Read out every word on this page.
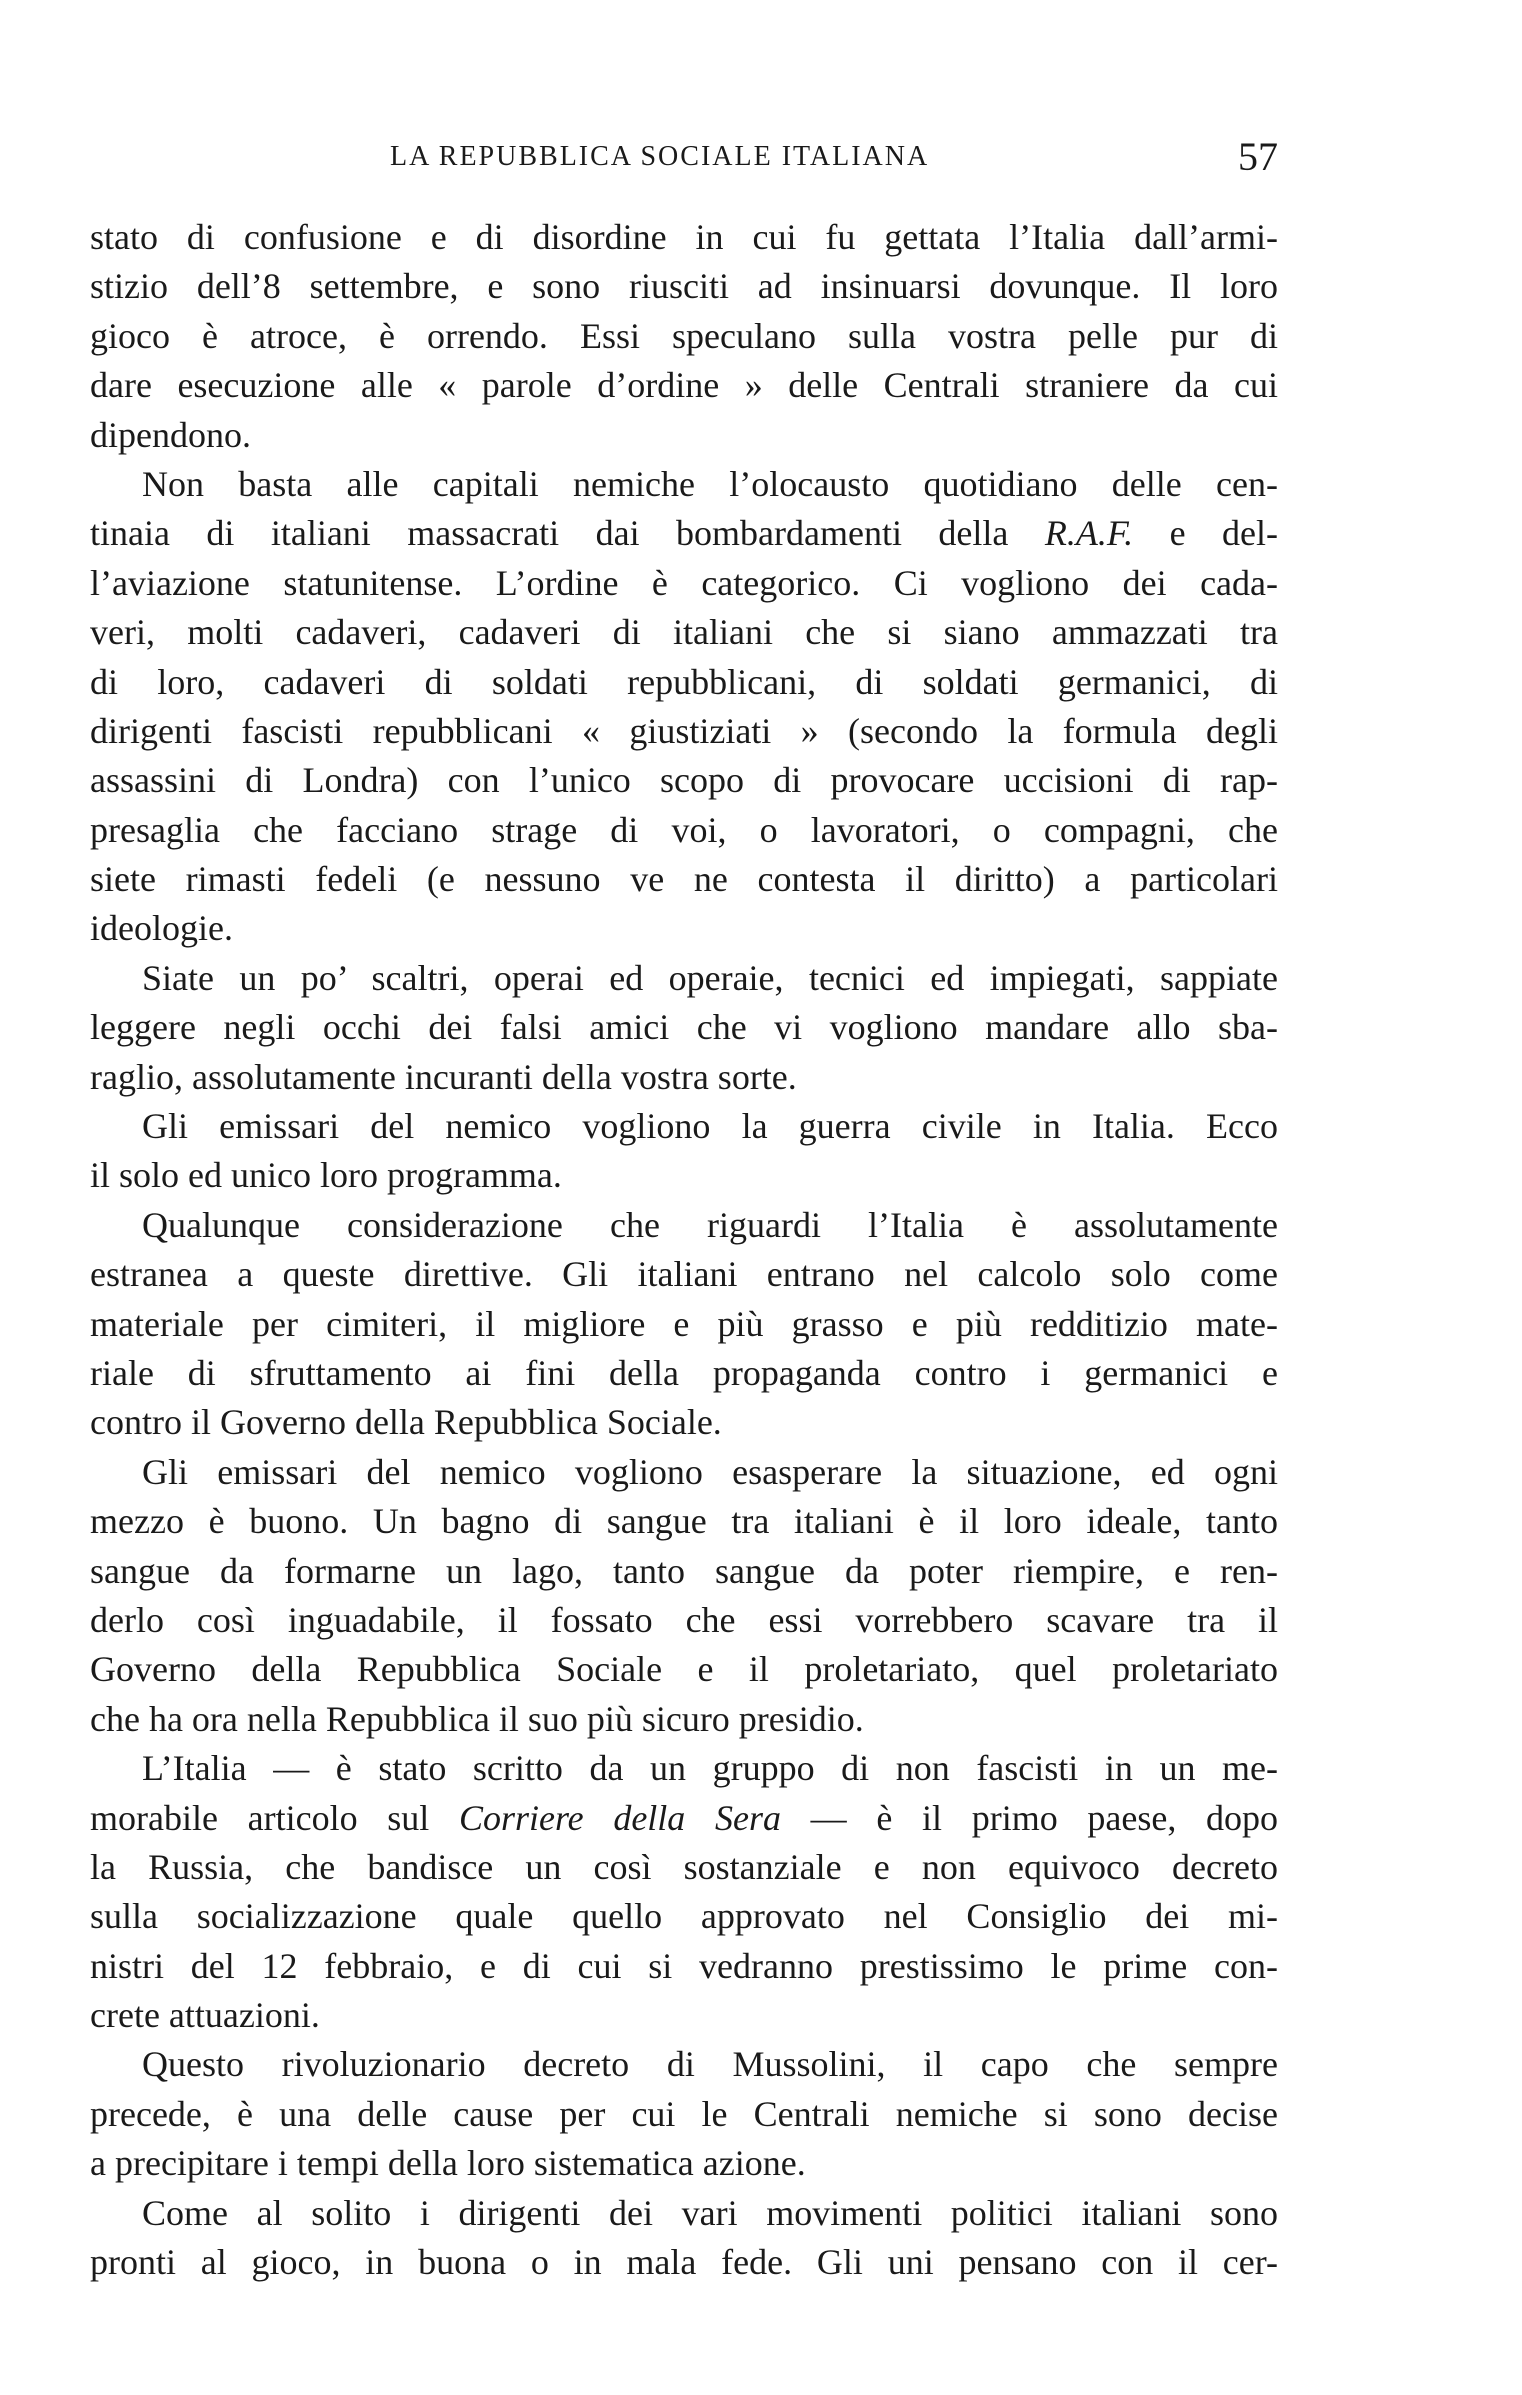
LA REPUBBLICA SOCIALE ITALIANA	57
stato di confusione e di disordine in cui fu gettata l’Italia dall’armi-
stizio dell’8 settembre, e sono riusciti ad insinuarsi dovunque. Il loro
gioco è atroce, è orrendo. Essi speculano sulla vostra pelle pur di
dare esecuzione alle « parole d’ordine » delle Centrali straniere da cui
dipendono.
Non basta alle capitali nemiche l’olocausto quotidiano delle cen-
tinaia di italiani massacrati dai bombardamenti della R.A.F. e del-
l’aviazione statunitense. L’ordine è categorico. Ci vogliono dei cada-
veri, molti cadaveri, cadaveri di italiani che si siano ammazzati tra
di loro, cadaveri di soldati repubblicani, di soldati germanici, di
dirigenti fascisti repubblicani « giustiziati » (secondo la formula degli
assassini di Londra) con l’unico scopo di provocare uccisioni di rap-
presaglia che facciano strage di voi, o lavoratori, o compagni, che
siete rimasti fedeli (e nessuno ve ne contesta il diritto) a particolari
ideologie.
Siate un po’ scaltri, operai ed operaie, tecnici ed impiegati, sappiate
leggere negli occhi dei falsi amici che vi vogliono mandare allo sba-
raglio, assolutamente incuranti della vostra sorte.
Gli emissari del nemico vogliono la guerra civile in Italia. Ecco
il solo ed unico loro programma.
Qualunque considerazione che riguardi l’Italia è assolutamente
estranea a queste direttive. Gli italiani entrano nel calcolo solo come
materiale per cimiteri, il migliore e più grasso e più redditizio mate-
riale di sfruttamento ai fini della propaganda contro i germanici e
contro il Governo della Repubblica Sociale.
Gli emissari del nemico vogliono esasperare la situazione, ed ogni
mezzo è buono. Un bagno di sangue tra italiani è il loro ideale, tanto
sangue da formarne un lago, tanto sangue da poter riempire, e ren-
derlo così inguadabile, il fossato che essi vorrebbero scavare tra il
Governo della Repubblica Sociale e il proletariato, quel proletariato
che ha ora nella Repubblica il suo più sicuro presidio.
L’Italia — è stato scritto da un gruppo di non fascisti in un me-
morabile articolo sul Corriere della Sera — è il primo paese, dopo
la Russia, che bandisce un così sostanziale e non equivoco decreto
sulla socializzazione quale quello approvato nel Consiglio dei mi-
nistri del 12 febbraio, e di cui si vedranno prestissimo le prime con-
crete attuazioni.
Questo rivoluzionario decreto di Mussolini, il capo che sempre
precede, è una delle cause per cui le Centrali nemiche si sono decise
a precipitare i tempi della loro sistematica azione.
Come al solito i dirigenti dei vari movimenti politici italiani sono
pronti al gioco, in buona o in mala fede. Gli uni pensano con il cer-
